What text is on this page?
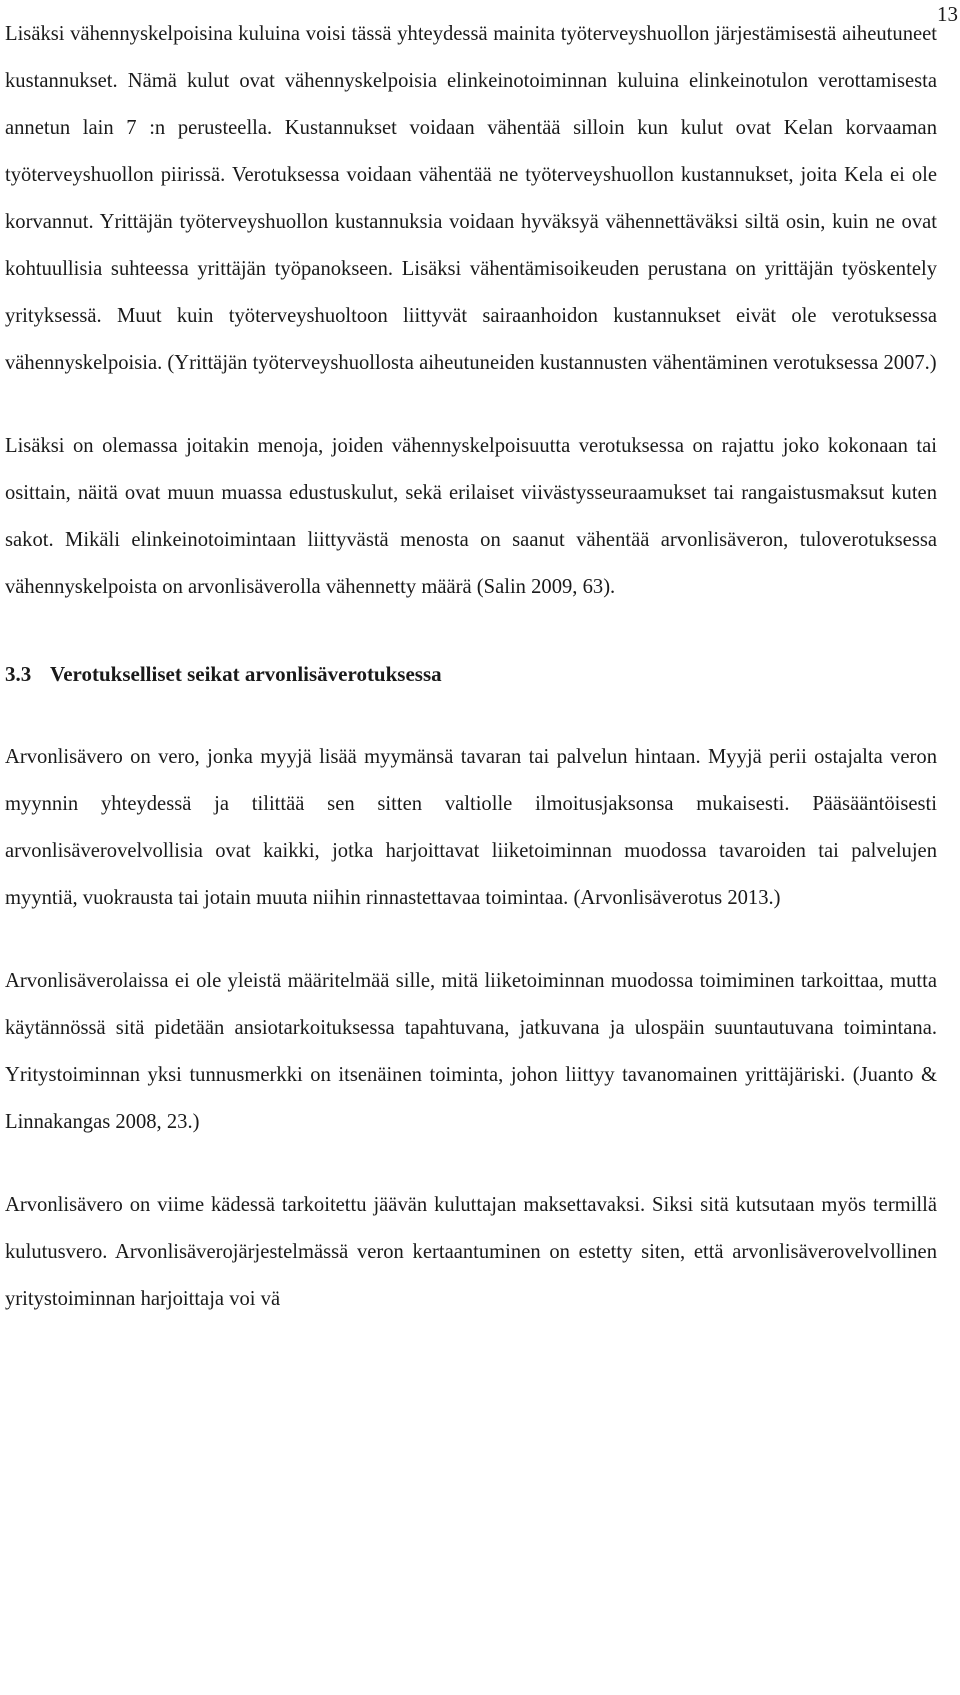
13

Lisäksi vähennyskelpoisina kuluina voisi tässä yhteydessä mainita työterveyshuollon järjestämisestä aiheutuneet kustannukset. Nämä kulut ovat vähennyskelpoisia elinkeinotoiminnan kuluina elinkeinotulon verottamisesta annetun lain 7 :n perusteella. Kustannukset voidaan vähentää silloin kun kulut ovat Kelan korvaaman työterveyshuollon piirissä. Verotuksessa voidaan vähentää ne työterveyshuollon kustannukset, joita Kela ei ole korvannut. Yrittäjän työterveyshuollon kustannuksia voidaan hyväksyä vähennettäväksi siltä osin, kuin ne ovat kohtuullisia suhteessa yrittäjän työpanokseen. Lisäksi vähentämisoikeuden perustana on yrittäjän työskentely yrityksessä. Muut kuin työterveyshuoltoon liittyvät sairaanhoidon kustannukset eivät ole verotuksessa vähennyskelpoisia. (Yrittäjän työterveyshuollosta aiheutuneiden kustannusten vähentäminen verotuksessa 2007.)

Lisäksi on olemassa joitakin menoja, joiden vähennyskelpoisuutta verotuksessa on rajattu joko kokonaan tai osittain, näitä ovat muun muassa edustuskulut, sekä erilaiset viivästysseuraamukset tai rangaistusmaksut kuten sakot. Mikäli elinkeinotoimintaan liittyvästä menosta on saanut vähentää arvonlisäveron, tuloverotuksessa vähennyskelpoista on arvonlisäverolla vähennetty määrä (Salin 2009, 63).

3.3 Verotukselliset seikat arvonlisäverotuksessa

Arvonlisävero on vero, jonka myyjä lisää myymänsä tavaran tai palvelun hintaan. Myyjä perii ostajalta veron myynnin yhteydessä ja tilittää sen sitten valtiolle ilmoitusjaksonsa mukaisesti. Pääsääntöisesti arvonlisäverovelvollisia ovat kaikki, jotka harjoittavat liiketoiminnan muodossa tavaroiden tai palvelujen myyntiä, vuokrausta tai jotain muuta niihin rinnastettavaa toimintaa. (Arvonlisäverotus 2013.)

Arvonlisäverolaissa ei ole yleistä määritelmää sille, mitä liiketoiminnan muodossa toimiminen tarkoittaa, mutta käytännössä sitä pidetään ansiotarkoituksessa tapahtuvana, jatkuvana ja ulospäin suuntautuvana toimintana. Yritystoiminnan yksi tunnusmerkki on itsenäinen toiminta, johon liittyy tavanomainen yrittäjäriski. (Juanto & Linnakangas 2008, 23.)

Arvonlisävero on viime kädessä tarkoitettu jäävän kuluttajan maksettavaksi. Siksi sitä kutsutaan myös termillä kulutusvero. Arvonlisäverojärjestelmässä veron kertaantuminen on estetty siten, että arvonlisäverovelvollinen yritystoiminnan harjoittaja voi vä
